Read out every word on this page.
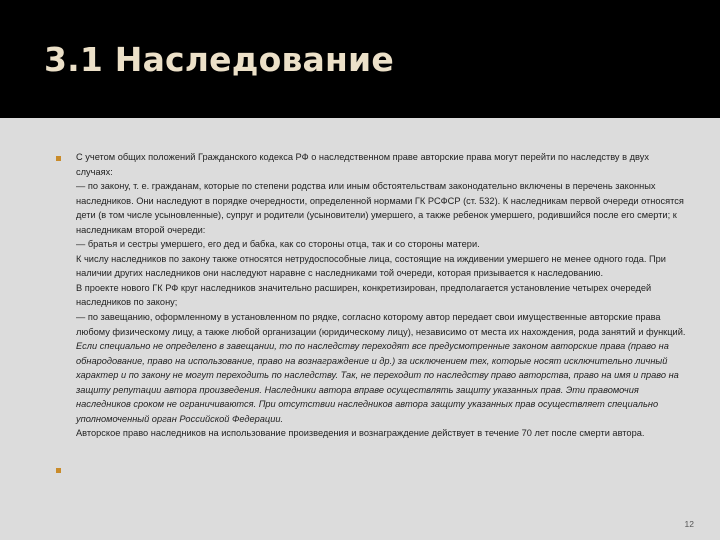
3.1 Наследование

С учетом общих положений Гражданского кодекса РФ о наследственном праве авторские права могут перейти по наследству в двух случаях:

— по закону, т. е. гражданам, которые по степени родства или иным обстоятельствам законодательно включены в перечень законных наследников. Они наследуют в порядке очередности, определенной нормами ГК РСФСР (ст. 532). К наследникам первой очереди относятся дети (в том числе усыновленные), супруг и родители (усыновители) умершего, а также ребенок умершего, родившийся после его смерти; к наследникам второй очереди:

— братья и сестры умершего, его дед и бабка, как со стороны отца, так и со стороны матери.

К числу наследников по закону также относятся нетрудоспособные лица, состоящие на иждивении умершего не менее одного года. При наличии других наследников они наследуют наравне с наследниками той очереди, которая призывается к наследованию.

В проекте нового ГК РФ круг наследников значительно расширен, конкретизирован, предполагается установление четырех очередей наследников по закону;

— по завещанию, оформленному в установленном по рядке, согласно которому автор передает свои имущественные авторские права любому физическому лицу, а также любой организации (юридическому лицу), независимо от места их нахождения, рода занятий и функций.

Если специально не определено в завещании, то по наследству переходят все предусмотренные законом авторские права (право на обнародование, право на использование, право на вознаграждение и др.) за исключением тех, которые носят исключительно личный характер и по закону не могут переходить по наследству. Так, не переходит по наследству право авторства, право на имя и право на защиту репутации автора произведения. Наследники автора вправе осуществлять защиту указанных прав. Эти правомочия наследников сроком не ограничиваются. При отсутствии наследников автора защиту указанных прав осуществляет специально уполномоченный орган Российской Федерации.

Авторское право наследников на использование произведения и вознаграждение действует в течение 70 лет после смерти автора.

12
